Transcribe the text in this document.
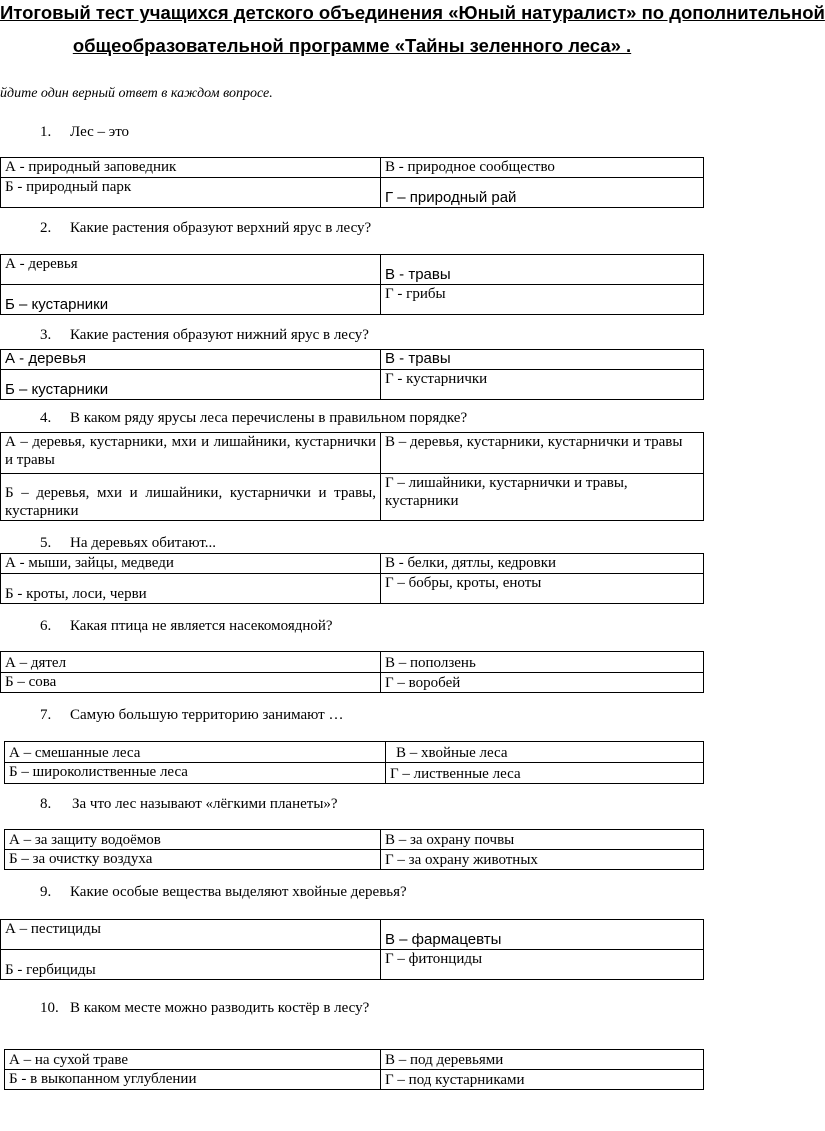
Итоговый тест учащихся детского объединения «Юный натуралист» по дополнительной
общеобразовательной программе «Тайны зеленного леса» .
йдите один верный ответ в каждом вопросе.
1. Лес – это
А - природный заповедник	В - природное сообщество
Б - природный парк	Г – природный рай
2. Какие растения образуют верхний ярус в лесу?
А - деревья	В - травы
Б – кустарники	Г - грибы
3. Какие растения образуют нижний ярус в лесу?
А - деревья	В - травы
Б – кустарники	Г - кустарнички
4. В каком ряду ярусы леса перечислены в правильном порядке?
А – деревья, кустарники, мхи и лишайники, кустарнички и травы	В – деревья, кустарники, кустарнички и травы
Б – деревья, мхи и лишайники, кустарнички и травы, кустарники	Г – лишайники, кустарнички и травы, кустарники
5. На деревьях обитают...
А - мыши, зайцы, медведи	В - белки, дятлы, кедровки
Б - кроты, лоси, черви	Г – бобры, кроты, еноты
6. Какая птица не является насекомоядной?
А – дятел	В – поползень
Б – сова	Г – воробей
7. Самую большую территорию занимают …
А – смешанные леса	В – хвойные леса
Б – широколиственные леса	Г – лиственные леса
8. За что лес называют «лёгкими планеты»?
А – за защиту водоёмов	В – за охрану почвы
Б – за очистку воздуха	Г – за охрану животных
9. Какие особые вещества выделяют хвойные деревья?
А – пестициды	В – фармацевты
Б - гербициды	Г – фитонциды
10. В каком месте можно разводить костёр в лесу?
А – на сухой траве	В – под деревьями
Б - в выкопанном углублении	Г – под кустарниками
